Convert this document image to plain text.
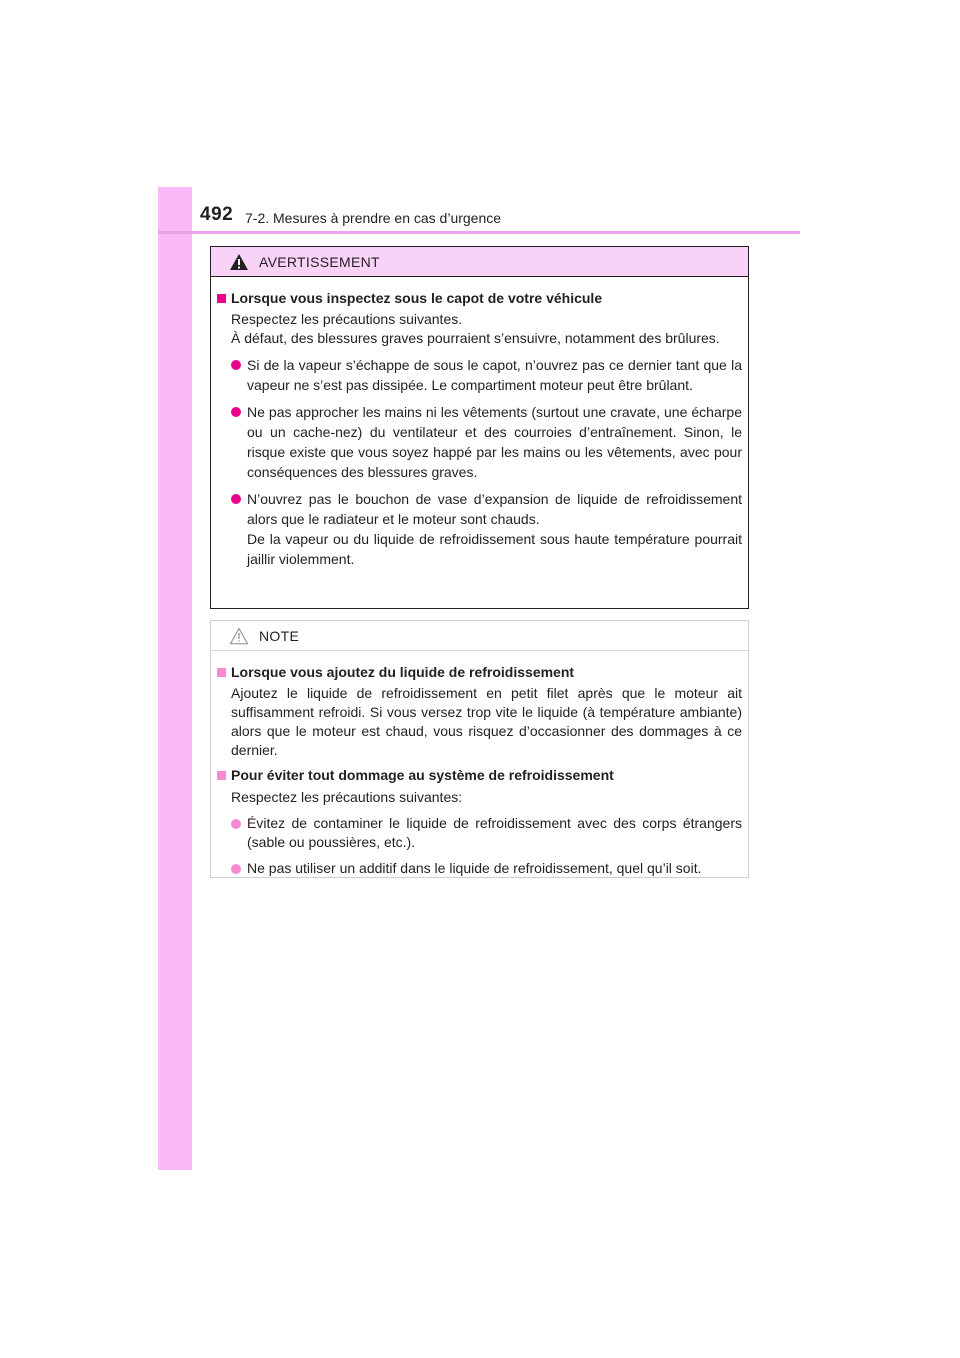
492 7-2. Mesures à prendre en cas d’urgence
AVERTISSEMENT
Lorsque vous inspectez sous le capot de votre véhicule
Respectez les précautions suivantes.
À défaut, des blessures graves pourraient s’ensuivre, notamment des brûlures.
Si de la vapeur s’échappe de sous le capot, n’ouvrez pas ce dernier tant que la vapeur ne s’est pas dissipée. Le compartiment moteur peut être brûlant.
Ne pas approcher les mains ni les vêtements (surtout une cravate, une écharpe ou un cache-nez) du ventilateur et des courroies d’entraînement. Sinon, le risque existe que vous soyez happé par les mains ou les vêtements, avec pour conséquences des blessures graves.
N’ouvrez pas le bouchon de vase d’expansion de liquide de refroidissement alors que le radiateur et le moteur sont chauds.
De la vapeur ou du liquide de refroidissement sous haute température pourrait jaillir violemment.
NOTE
Lorsque vous ajoutez du liquide de refroidissement
Ajoutez le liquide de refroidissement en petit filet après que le moteur ait suffisamment refroidi. Si vous versez trop vite le liquide (à température ambiante) alors que le moteur est chaud, vous risquez d’occasionner des dommages à ce dernier.
Pour éviter tout dommage au système de refroidissement
Respectez les précautions suivantes:
Évitez de contaminer le liquide de refroidissement avec des corps étrangers (sable ou poussières, etc.).
Ne pas utiliser un additif dans le liquide de refroidissement, quel qu’il soit.
